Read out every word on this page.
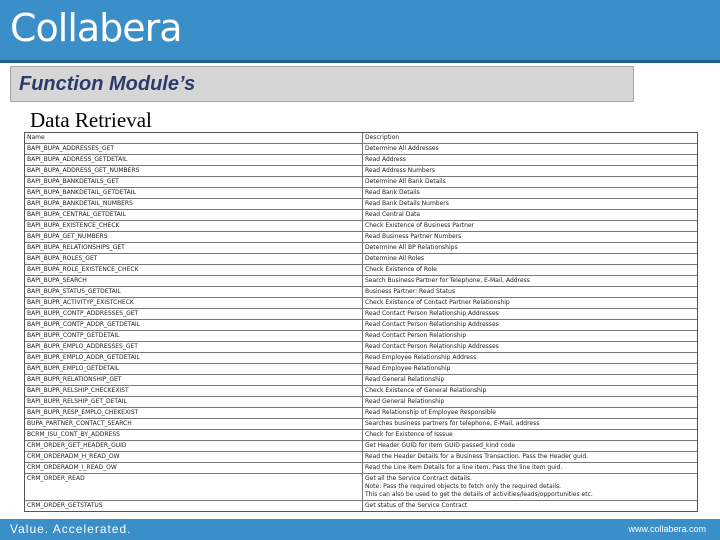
Collabera
Function Module’s
Data Retrieval
Name	Description
BAPI_BUPA_ADDRESSES_GET	Determine All Addresses
BAPI_BUPA_ADDRESS_GETDETAIL	Read Address
BAPI_BUPA_ADDRESS_GET_NUMBERS	Read Address Numbers
BAPI_BUPA_BANKDETAILS_GET	Determine All Bank Details
BAPI_BUPA_BANKDETAIL_GETDETAIL	Read Bank Details
BAPI_BUPA_BANKDETAIL_NUMBERS	Read Bank Details Numbers
BAPI_BUPA_CENTRAL_GETDETAIL	Read Central Data
BAPI_BUPA_EXISTENCE_CHECK	Check Existence of Business Partner
BAPI_BUPA_GET_NUMBERS	Read Business Partner Numbers
BAPI_BUPA_RELATIONSHIPS_GET	Determine All BP Relationships
BAPI_BUPA_ROLES_GET	Determine All Roles
BAPI_BUPA_ROLE_EXISTENCE_CHECK	Check Existence of Role
BAPI_BUPA_SEARCH	Search Business Partner for Telephone, E-Mail, Address
BAPI_BUPA_STATUS_GETDETAIL	Business Partner: Read Status
BAPI_BUPR_ACTIVITYP_EXISTCHECK	Check Existence of Contact Partner Relationship
BAPI_BUPR_CONTP_ADDRESSES_GET	Read Contact Person Relationship Addresses
BAPI_BUPR_CONTP_ADDR_GETDETAIL	Read Contact Person Relationship Addresses
BAPI_BUPR_CONTP_GETDETAIL	Read Contact Person Relationship
BAPI_BUPR_EMPLO_ADDRESSES_GET	Read Contact Person Relationship Addresses
BAPI_BUPR_EMPLO_ADDR_GETDETAIL	Read Employee Relationship Address
BAPI_BUPR_EMPLO_GETDETAIL	Read Employee Relationship
BAPI_BUPR_RELATIONSHIP_GET	Read General Relationship
BAPI_BUPR_RELSHIP_CHECKEXIST	Check Existence of General Relationship
BAPI_BUPR_RELSHIP_GET_DETAIL	Read General Relationship
BAPI_BUPR_RESP_EMPLO_CHEKEXIST	Read Relationship of Employee Responsible
BUPA_PARTNER_CONTACT_SEARCH	Searches business partners for telephone, E-Mail, address
BCRM_ISU_CONT_BY_ADDRESS	Check for Existence of Isssue
CRM_ORDER_GET_HEADER_GUID	Get Header GUID for Item GUID passed_kind code
CRM_ORDERADM_H_READ_OW	Read the Header Details for a Business Transaction. Pass the Header guid.
CRM_ORDERADM_I_READ_OW	Read the Line Item Details for a line item. Pass the line item guid.
CRM_ORDER_READ	Get all the Service Contract details.
Note: Pass the required objects to fetch only the required details.
This can also be used to get the details of activities/leads/opportunities etc.
CRM_ORDER_GETSTATUS	Get status of the Service Contract
Value. Accelerated.	www.collabera.com
